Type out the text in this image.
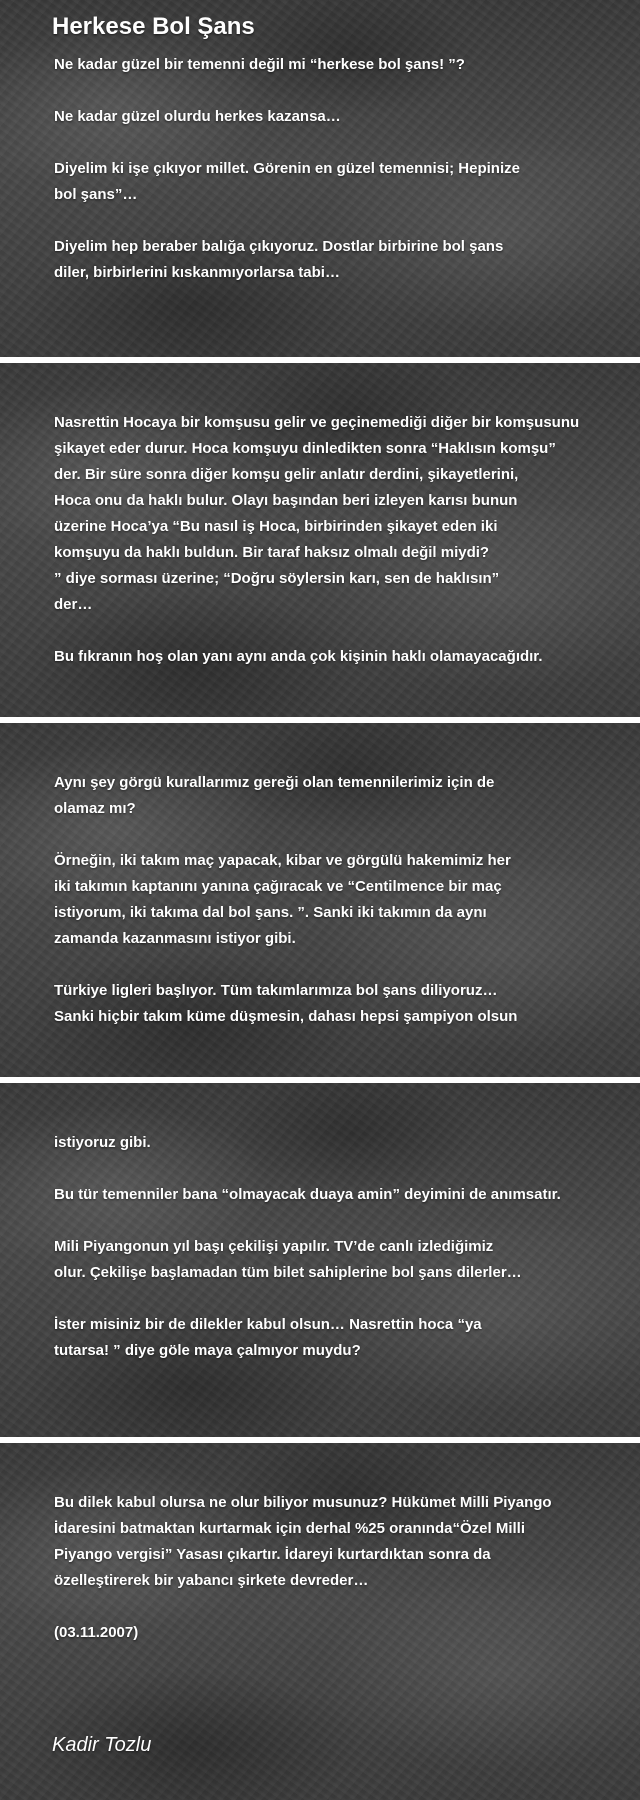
Herkese Bol Şans

Ne kadar güzel bir temenni değil mi “herkese bol şans! ”?

Ne kadar güzel olurdu herkes kazansa…

Diyelim ki işe çıkıyor millet. Görenin en güzel temennisi; Hepinize
bol şans”…

Diyelim hep beraber balığa çıkıyoruz. Dostlar birbirine bol şans
diler, birbirlerini kıskanmıyorlarsa tabi…

Nasrettin Hocaya bir komşusu gelir ve geçinemediği diğer bir komşusunu
şikayet eder durur. Hoca komşuyu dinledikten sonra “Haklısın komşu”
der. Bir süre sonra diğer komşu gelir anlatır derdini, şikayetlerini,
Hoca onu da haklı bulur. Olayı başından beri izleyen karısı bunun
üzerine Hoca’ya “Bu nasıl iş Hoca, birbirinden şikayet eden iki
komşuyu da haklı buldun. Bir taraf haksız olmalı değil miydi?
” diye sorması üzerine; “Doğru söylersin karı, sen de haklısın”
der…

Bu fıkranın hoş olan yanı aynı anda çok kişinin haklı olamayacağıdır.

Aynı şey görgü kurallarımız gereği olan temennilerimiz için de
olamaz mı?

Örneğin, iki takım maç yapacak, kibar ve görgülü hakemimiz her
iki takımın kaptanını yanına çağıracak ve “Centilmence bir maç
istiyorum, iki takıma dal bol şans. ”. Sanki iki takımın da aynı
zamanda kazanmasını istiyor gibi.

Türkiye ligleri başlıyor. Tüm takımlarımıza bol şans diliyoruz…
Sanki hiçbir takım küme düşmesin, dahası hepsi şampiyon olsun

istiyoruz gibi.

Bu tür temenniler bana “olmayacak duaya amin” deyimini de anımsatır.

Mili Piyangonun yıl başı çekilişi yapılır. TV’de canlı izlediğimiz
olur. Çekilişe başlamadan tüm bilet sahiplerine bol şans dilerler…

İster misiniz bir de dilekler kabul olsun… Nasrettin hoca “ya
tutarsa! ” diye göle maya çalmıyor muydu?

Bu dilek kabul olursa ne olur biliyor musunuz? Hükümet Milli Piyango
İdaresini batmaktan kurtarmak için derhal %25 oranında“Özel Milli
Piyango vergisi” Yasası çıkartır. İdareyi kurtardıktan sonra da
özelleştirerek bir yabancı şirkete devreder…

(03.11.2007)

Kadir Tozlu
